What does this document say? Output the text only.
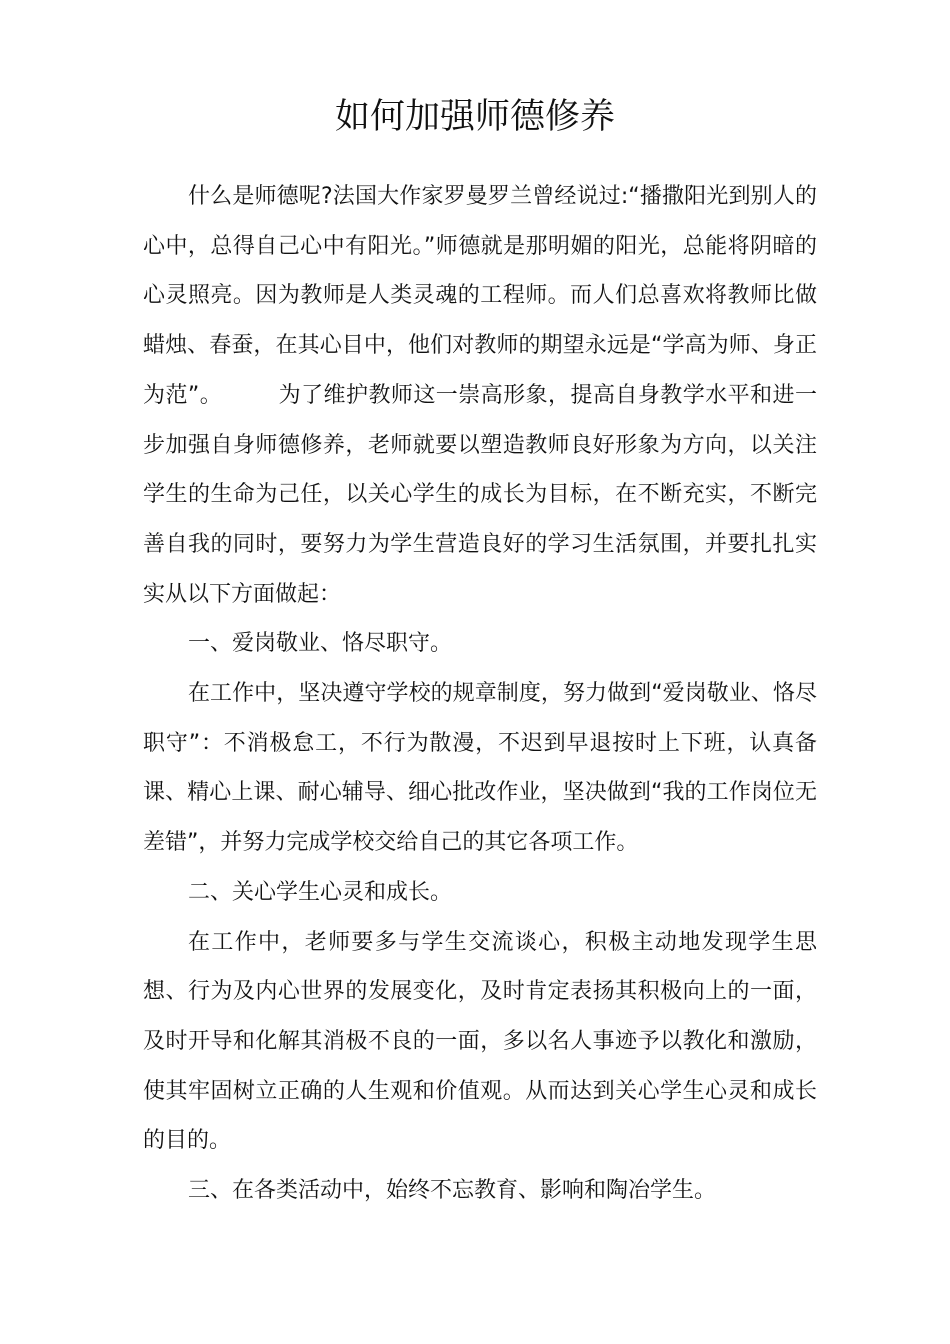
如何加强师德修养

什么是师德呢?法国大作家罗曼罗兰曾经说过:“播撒阳光到别人的心中，总得自己心中有阳光。”师德就是那明媚的阳光，总能将阴暗的心灵照亮。因为教师是人类灵魂的工程师。而人们总喜欢将教师比做蜡烛、春蚕，在其心目中，他们对教师的期望永远是“学高为师、身正为范”。	为了维护教师这一崇高形象，提高自身教学水平和进一步加强自身师德修养，老师就要以塑造教师良好形象为方向，以关注学生的生命为己任，以关心学生的成长为目标，在不断充实，不断完善自我的同时，要努力为学生营造良好的学习生活氛围，并要扎扎实实从以下方面做起：

一、爱岗敬业、恪尽职守。

在工作中，坚决遵守学校的规章制度，努力做到“爱岗敬业、恪尽职守”：不消极怠工，不行为散漫，不迟到早退按时上下班，认真备课、精心上课、耐心辅导、细心批改作业，坚决做到“我的工作岗位无差错”，并努力完成学校交给自己的其它各项工作。

二、关心学生心灵和成长。

在工作中，老师要多与学生交流谈心，积极主动地发现学生思想、行为及内心世界的发展变化，及时肯定表扬其积极向上的一面，及时开导和化解其消极不良的一面，多以名人事迹予以教化和激励，使其牢固树立正确的人生观和价值观。从而达到关心学生心灵和成长的目的。

三、在各类活动中，始终不忘教育、影响和陶冶学生。
